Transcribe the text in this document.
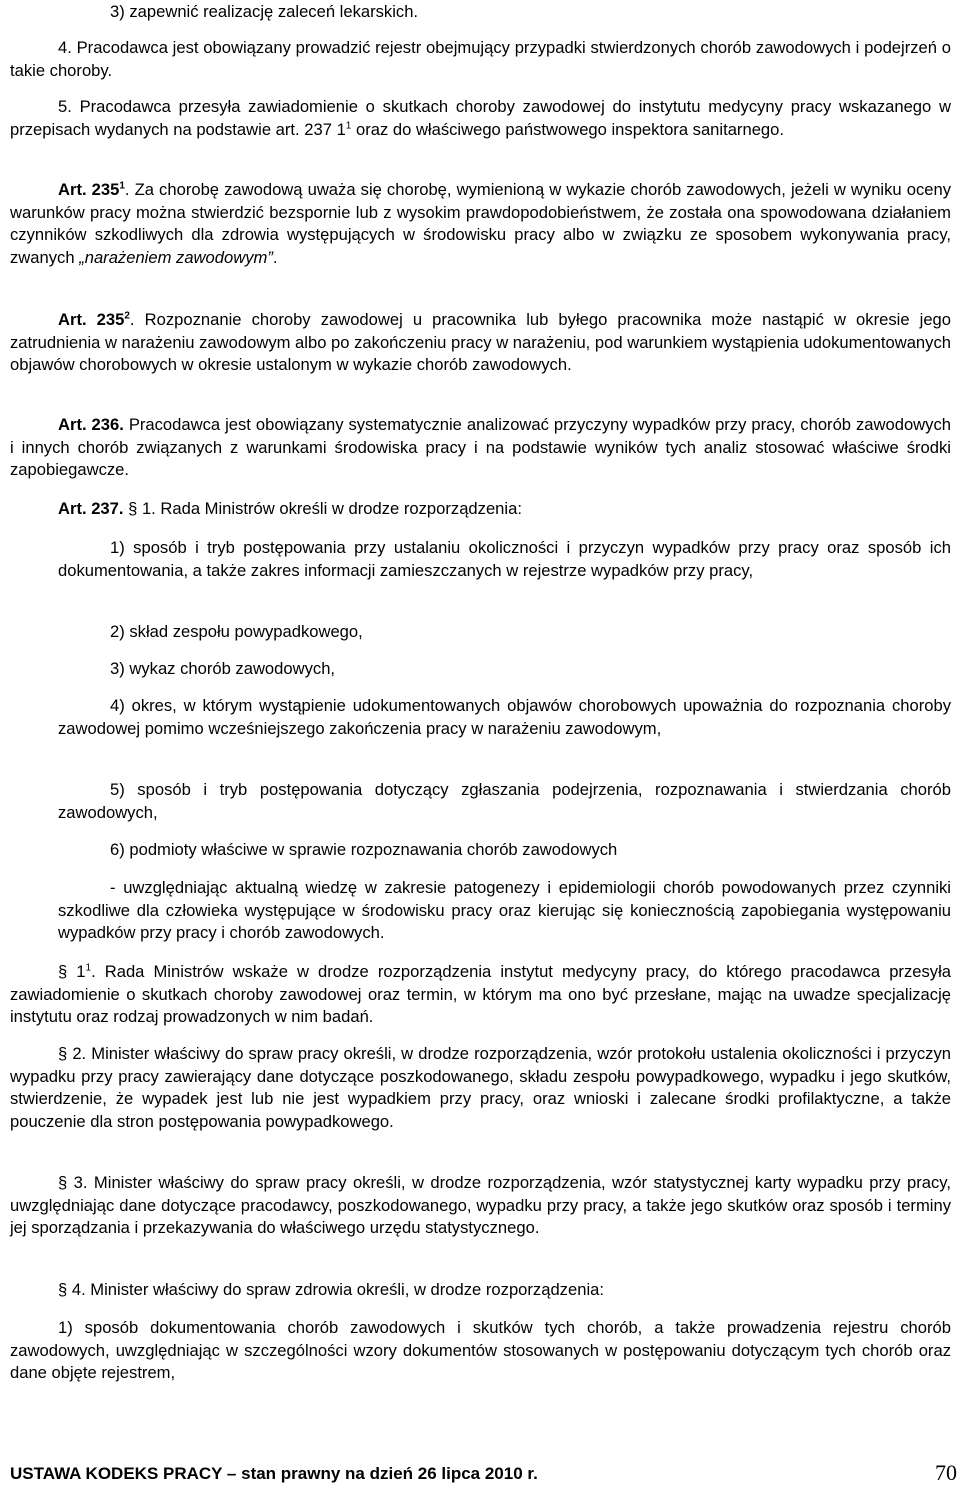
3) zapewnić realizację zaleceń lekarskich.

4. Pracodawca jest obowiązany prowadzić rejestr obejmujący przypadki stwierdzonych chorób zawodowych i podejrzeń o takie choroby.

5. Pracodawca przesyła zawiadomienie o skutkach choroby zawodowej do instytutu medycyny pracy wskazanego w przepisach wydanych na podstawie art. 237 $1^1$ oraz do właściwego państwowego inspektora sanitarnego.

Art. $235^1$. Za chorobę zawodową uważa się chorobę, wymienioną w wykazie chorób zawodowych, jeżeli w wyniku oceny warunków pracy można stwierdzić bezspornie lub z wysokim prawdopodobieństwem, że została ona spowodowana działaniem czynników szkodliwych dla zdrowia występujących w środowisku pracy albo w związku ze sposobem wykonywania pracy, zwanych „narażeniem zawodowym”.

Art. $235^2$. Rozpoznanie choroby zawodowej u pracownika lub byłego pracownika może nastąpić w okresie jego zatrudnienia w narażeniu zawodowym albo po zakończeniu pracy w narażeniu, pod warunkiem wystąpienia udokumentowanych objawów chorobowych w okresie ustalonym w wykazie chorób zawodowych.

Art. 236. Pracodawca jest obowiązany systematycznie analizować przyczyny wypadków przy pracy, chorób zawodowych i innych chorób związanych z warunkami środowiska pracy i na podstawie wyników tych analiz stosować właściwe środki zapobiegawcze.

Art. 237. § 1. Rada Ministrów określi w drodze rozporządzenia:

1) sposób i tryb postępowania przy ustalaniu okoliczności i przyczyn wypadków przy pracy oraz sposób ich dokumentowania, a także zakres informacji zamieszczanych w rejestrze wypadków przy pracy,

2) skład zespołu powypadkowego,

3) wykaz chorób zawodowych,

4) okres, w którym wystąpienie udokumentowanych objawów chorobowych upoważnia do rozpoznania choroby zawodowej pomimo wcześniejszego zakończenia pracy w narażeniu zawodowym,

5) sposób i tryb postępowania dotyczący zgłaszania podejrzenia, rozpoznawania i stwierdzania chorób zawodowych,

6) podmioty właściwe w sprawie rozpoznawania chorób zawodowych

- uwzględniając aktualną wiedzę w zakresie patogenezy i epidemiologii chorób powodowanych przez czynniki szkodliwe dla człowieka występujące w środowisku pracy oraz kierując się koniecznością zapobiegania występowaniu wypadków przy pracy i chorób zawodowych.

§ $1^1$. Rada Ministrów wskaże w drodze rozporządzenia instytut medycyny pracy, do którego pracodawca przesyła zawiadomienie o skutkach choroby zawodowej oraz termin, w którym ma ono być przesłane, mając na uwadze specjalizację instytutu oraz rodzaj prowadzonych w nim badań.

§ 2. Minister właściwy do spraw pracy określi, w drodze rozporządzenia, wzór protokołu ustalenia okoliczności i przyczyn wypadku przy pracy zawierający dane dotyczące poszkodowanego, składu zespołu powypadkowego, wypadku i jego skutków, stwierdzenie, że wypadek jest lub nie jest wypadkiem przy pracy, oraz wnioski i zalecane środki profilaktyczne, a także pouczenie dla stron postępowania powypadkowego.

§ 3. Minister właściwy do spraw pracy określi, w drodze rozporządzenia, wzór statystycznej karty wypadku przy pracy, uwzględniając dane dotyczące pracodawcy, poszkodowanego, wypadku przy pracy, a także jego skutków oraz sposób i terminy jej sporządzania i przekazywania do właściwego urzędu statystycznego.

§ 4. Minister właściwy do spraw zdrowia określi, w drodze rozporządzenia:

1) sposób dokumentowania chorób zawodowych i skutków tych chorób, a także prowadzenia rejestru chorób zawodowych, uwzględniając w szczególności wzory dokumentów stosowanych w postępowaniu dotyczącym tych chorób oraz dane objęte rejestrem,

USTAWA KODEKS PRACY – stan prawny na dzień 26 lipca 2010 r.	70
